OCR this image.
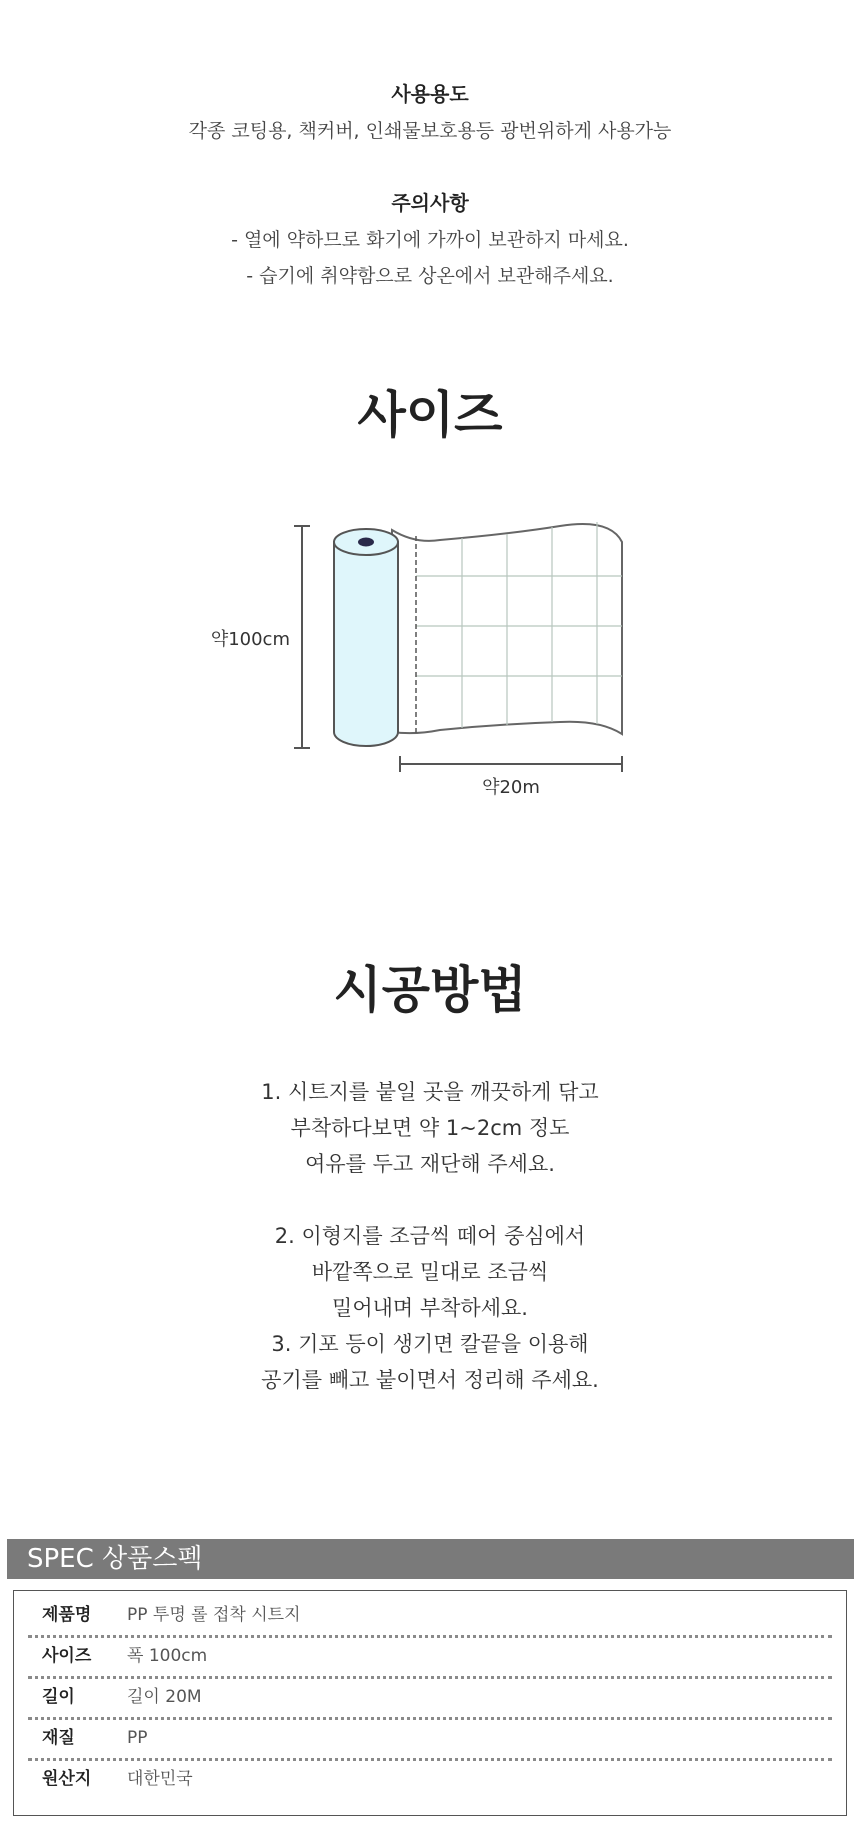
사용용도
각종 코팅용, 책커버, 인쇄물보호용등 광번위하게 사용가능
주의사항
- 열에 약하므로 화기에 가까이 보관하지 마세요.
- 습기에 취약함으로 상온에서 보관해주세요.
사이즈
약100cm
약20m
시공방법
1. 시트지를 붙일 곳을 깨끗하게 닦고
부착하다보면 약 1~2cm 정도
여유를 두고 재단해 주세요.
2. 이형지를 조금씩 떼어 중심에서
바깥쪽으로 밀대로 조금씩
밀어내며 부착하세요.
3. 기포 등이 생기면 칼끝을 이용해
공기를 빼고 붙이면서 정리해 주세요.
SPEC 상품스펙
제품명 PP 투명 롤 접착 시트지
사이즈 폭 100cm
길이	길이 20M
재질	PP
원산지 대한민국
